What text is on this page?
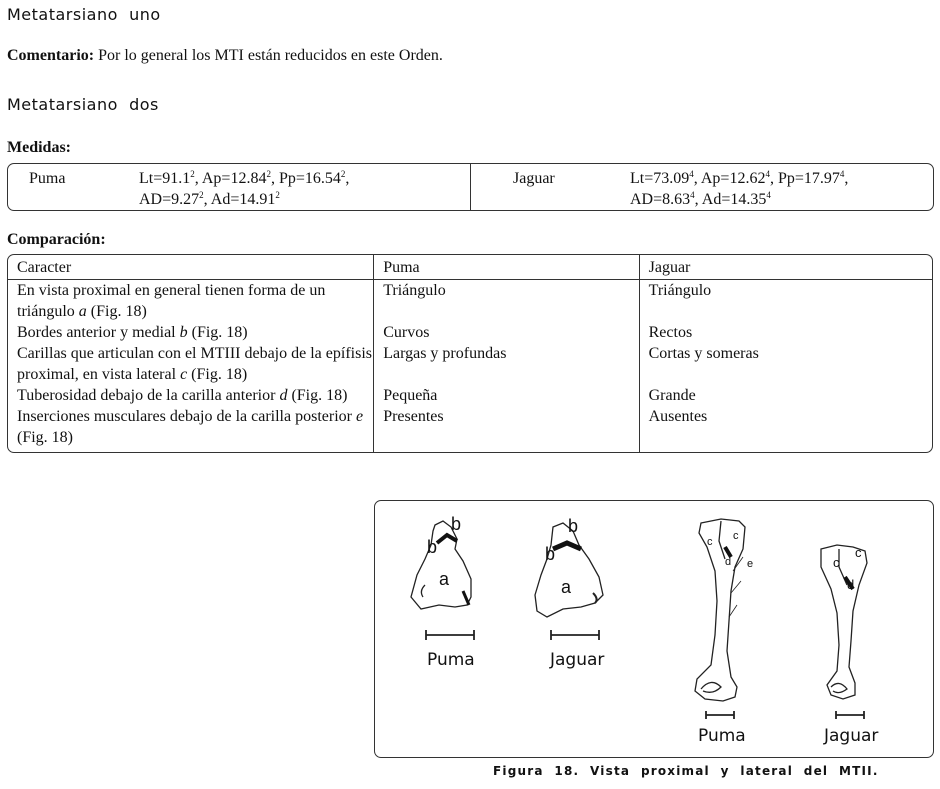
Metatarsiano  uno
Comentario: Por lo general los MTI están reducidos en este Orden.
Metatarsiano  dos
Medidas:
Puma	$Lt=91.1^2$, $Ap=12.84^2$, $Pp=16.54^2$,
$AD=9.27^2$, $Ad=14.91^2$
Jaguar	$Lt=73.09^4$, $Ap=12.62^4$, $Pp=17.97^4$,
$AD=8.63^4$, $Ad=14.35^4$
Comparación:
Caracter	Puma	Jaguar
En vista proximal en general tienen forma de un triángulo a (Fig. 18)	Triángulo	Triángulo
Bordes anterior y medial b (Fig. 18)	Curvos	Rectos
Carillas que articulan con el MTIII debajo de la epífisis proximal, en vista lateral c (Fig. 18)	Largas y profundas	Cortas y someras
Tuberosidad debajo de la carilla anterior d (Fig. 18)	Pequeña	Grande
Inserciones musculares debajo de la carilla posterior e (Fig. 18)	Presentes	Ausentes
b
b
a
b
b
a
c c
d e	c
c
d
Puma	Jaguar
Puma	Jaguar
Figura  18.  Vista  proximal  y  lateral  del  MTII.
